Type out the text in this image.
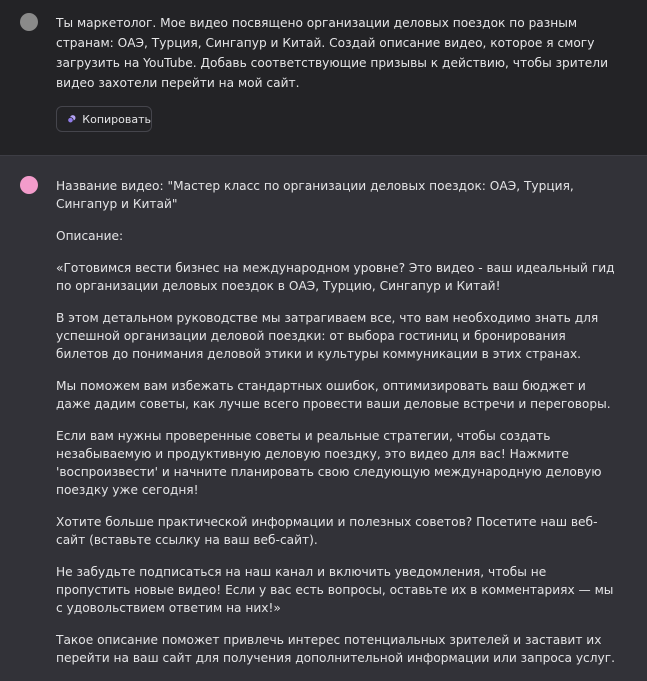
Ты маркетолог. Мое видео посвящено организации деловых поездок по разным странам: ОАЭ, Турция, Сингапур и Китай. Создай описание видео, которое я смогу загрузить на YouTube. Добавь соответствующие призывы к действию, чтобы зрители видео захотели перейти на мой сайт.
Копировать

Название видео: "Мастер класс по организации деловых поездок: ОАЭ, Турция, Сингапур и Китай"

Описание:

«Готовимся вести бизнес на международном уровне? Это видео - ваш идеальный гид по организации деловых поездок в ОАЭ, Турцию, Сингапур и Китай!

В этом детальном руководстве мы затрагиваем все, что вам необходимо знать для успешной организации деловой поездки: от выбора гостиниц и бронирования билетов до понимания деловой этики и культуры коммуникации в этих странах.

Мы поможем вам избежать стандартных ошибок, оптимизировать ваш бюджет и даже дадим советы, как лучше всего провести ваши деловые встречи и переговоры.

Если вам нужны проверенные советы и реальные стратегии, чтобы создать незабываемую и продуктивную деловую поездку, это видео для вас! Нажмите 'воспроизвести' и начните планировать свою следующую международную деловую поездку уже сегодня!

Хотите больше практической информации и полезных советов? Посетите наш веб-сайт (вставьте ссылку на ваш веб-сайт).

Не забудьте подписаться на наш канал и включить уведомления, чтобы не пропустить новые видео! Если у вас есть вопросы, оставьте их в комментариях — мы с удовольствием ответим на них!»

Такое описание поможет привлечь интерес потенциальных зрителей и заставит их перейти на ваш сайт для получения дополнительной информации или запроса услуг.
